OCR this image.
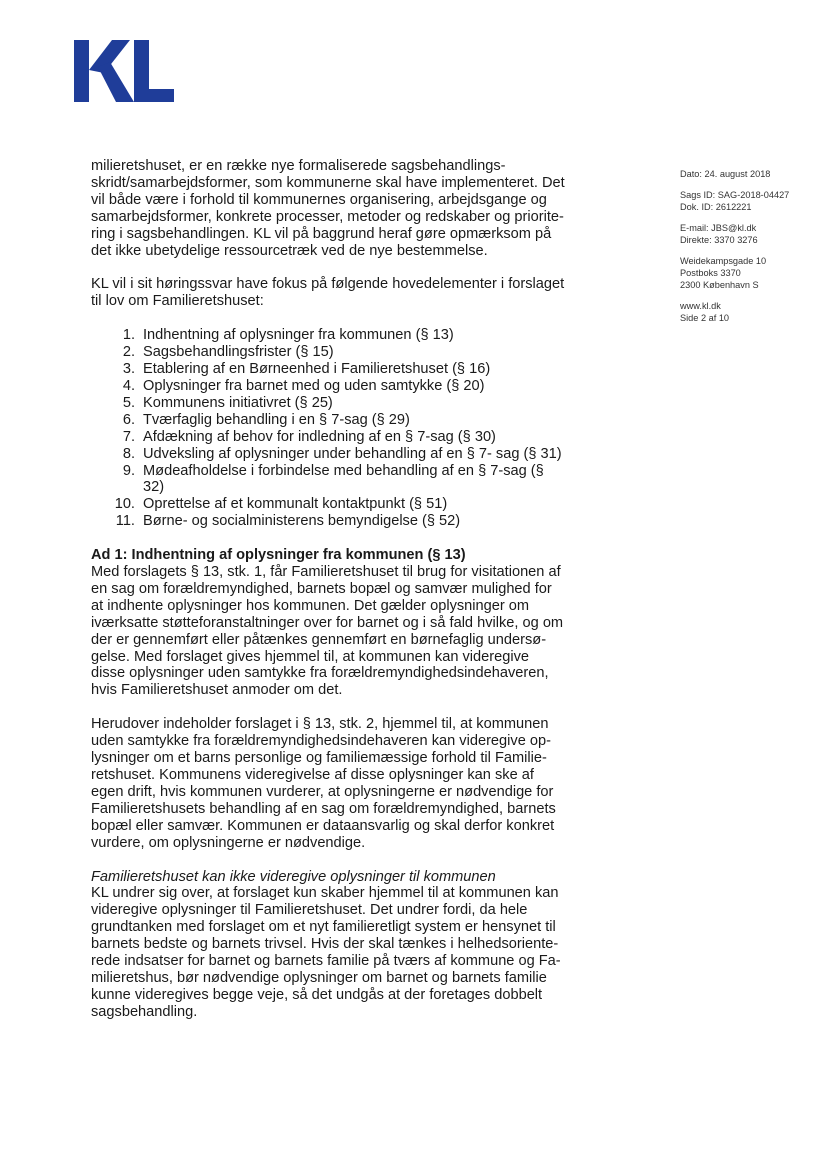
Dato: 24. august 2018
Sags ID: SAG-2018-04427
Dok. ID: 2612221
E-mail: JBS@kl.dk
Direkte: 3370 3276
Weidekampsgade 10
Postboks 3370
2300 København S
www.kl.dk
Side 2 af 10

milieretshuset, er en række nye formaliserede sagsbehandlings-
skridt/samarbejdsformer, som kommunerne skal have implementeret. Det
vil både være i forhold til kommunernes organisering, arbejdsgange og
samarbejdsformer, konkrete processer, metoder og redskaber og priorite-
ring i sagsbehandlingen. KL vil på baggrund heraf gøre opmærksom på
det ikke ubetydelige ressourcetræk ved de nye bestemmelse.

KL vil i sit høringssvar have fokus på følgende hovedelementer i forslaget
til lov om Familieretshuset:

1. Indhentning af oplysninger fra kommunen (§ 13)
2. Sagsbehandlingsfrister (§ 15)
3. Etablering af en Børneenhed i Familieretshuset (§ 16)
4. Oplysninger fra barnet med og uden samtykke (§ 20)
5. Kommunens initiativret (§ 25)
6. Tværfaglig behandling i en § 7-sag (§ 29)
7. Afdækning af behov for indledning af en § 7-sag (§ 30)
8. Udveksling af oplysninger under behandling af en § 7- sag (§ 31)
9. Mødeafholdelse i forbindelse med behandling af en § 7-sag (§
32)
10. Oprettelse af et kommunalt kontaktpunkt (§ 51)
11. Børne- og socialministerens bemyndigelse (§ 52)

Ad 1: Indhentning af oplysninger fra kommunen (§ 13)

Med forslagets § 13, stk. 1, får Familieretshuset til brug for visitationen af
en sag om forældremyndighed, barnets bopæl og samvær mulighed for
at indhente oplysninger hos kommunen. Det gælder oplysninger om
iværksatte støtteforanstaltninger over for barnet og i så fald hvilke, og om
der er gennemført eller påtænkes gennemført en børnefaglig undersø-
gelse. Med forslaget gives hjemmel til, at kommunen kan videregive
disse oplysninger uden samtykke fra forældremyndighedsindehaveren,
hvis Familieretshuset anmoder om det.

Herudover indeholder forslaget i § 13, stk. 2, hjemmel til, at kommunen
uden samtykke fra forældremyndighedsindehaveren kan videregive op-
lysninger om et barns personlige og familiemæssige forhold til Familie-
retshuset. Kommunens videregivelse af disse oplysninger kan ske af
egen drift, hvis kommunen vurderer, at oplysningerne er nødvendige for
Familieretshusets behandling af en sag om forældremyndighed, barnets
bopæl eller samvær. Kommunen er dataansvarlig og skal derfor konkret
vurdere, om oplysningerne er nødvendige.

Familieretshuset kan ikke videregive oplysninger til kommunen

KL undrer sig over, at forslaget kun skaber hjemmel til at kommunen kan
videregive oplysninger til Familieretshuset. Det undrer fordi, da hele
grundtanken med forslaget om et nyt familieretligt system er hensynet til
barnets bedste og barnets trivsel. Hvis der skal tænkes i helhedsoriente-
rede indsatser for barnet og barnets familie på tværs af kommune og Fa-
milieretshus, bør nødvendige oplysninger om barnet og barnets familie
kunne videregives begge veje, så det undgås at der foretages dobbelt
sagsbehandling.
